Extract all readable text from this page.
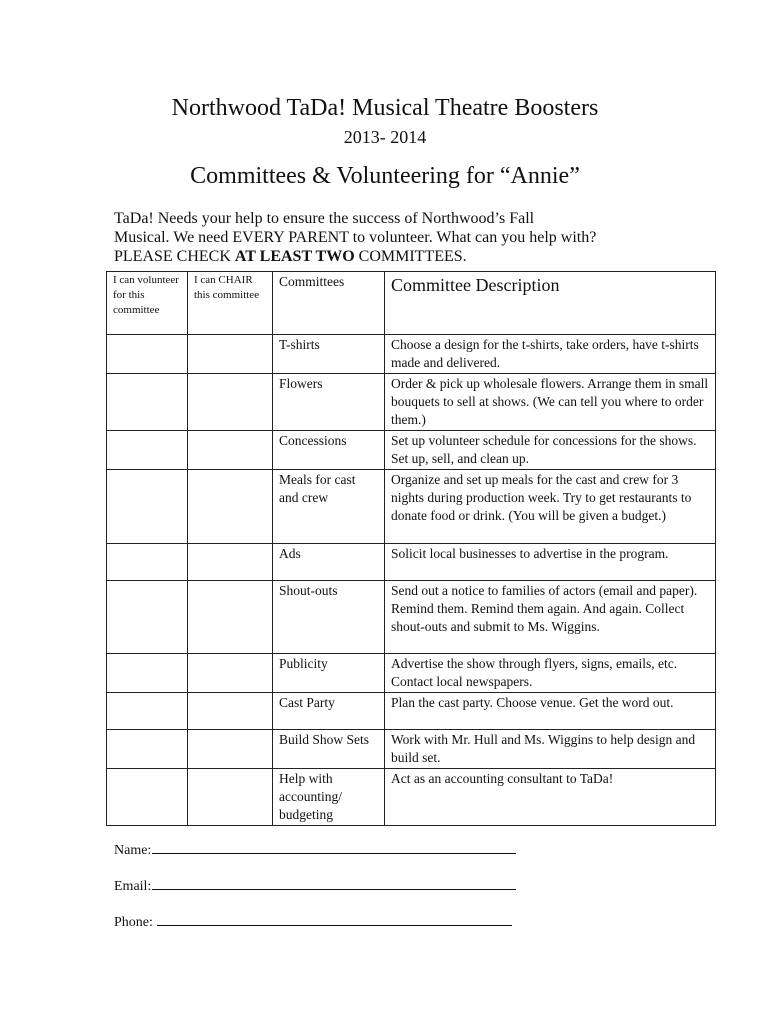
Northwood TaDa! Musical Theatre Boosters
2013- 2014
Committees & Volunteering for “Annie”
TaDa! Needs your help to ensure the success of Northwood’s Fall
Musical. We need EVERY PARENT to volunteer. What can you help with?
PLEASE CHECK AT LEAST TWO COMMITTEES.
I can volunteer for this committee	I can CHAIR this committee	Committees	Committee Description

	T-shirts	Choose a design for the t-shirts, take orders, have t-shirts made and delivered.

	Flowers	Order & pick up wholesale flowers. Arrange them in small bouquets to sell at shows. (We can tell you where to order them.)

	Concessions	Set up volunteer schedule for concessions for the shows. Set up, sell, and clean up.

	Meals for cast and crew	Organize and set up meals for the cast and crew for 3 nights during production week. Try to get restaurants to donate food or drink. (You will be given a budget.)

	Ads	Solicit local businesses to advertise in the program.

	Shout-outs	Send out a notice to families of actors (email and paper). Remind them. Remind them again. And again. Collect shout-outs and submit to Ms. Wiggins.

	Publicity	Advertise the show through flyers, signs, emails, etc. Contact local newspapers.

	Cast Party	Plan the cast party. Choose venue. Get the word out.

	Build Show Sets	Work with Mr. Hull and Ms. Wiggins to help design and build set.

	Help with accounting/ budgeting	Act as an accounting consultant to TaDa!
Name:
Email:
Phone:
